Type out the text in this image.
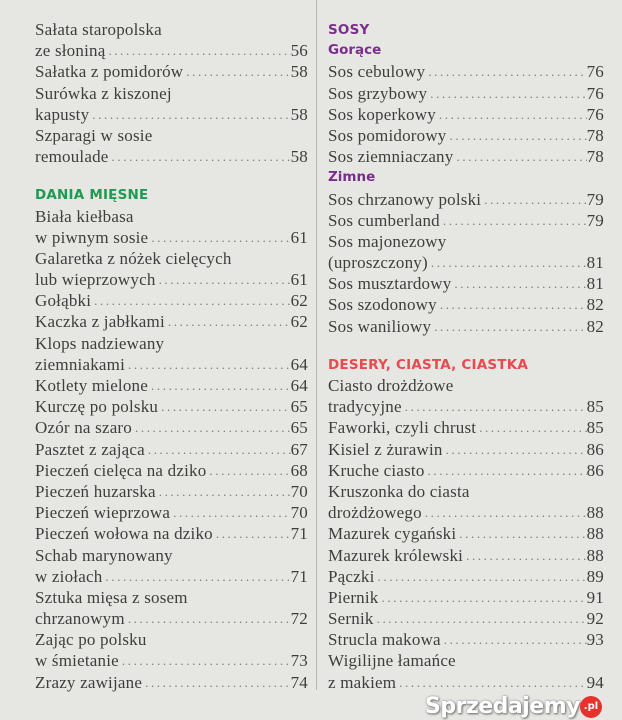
Sałata staropolska
ze słoniną .....	56
Sałatka z pomidorów .....	58
Surówka z kiszonej
kapusty .....	58
Szparagi w sosie
remoulade .....	58
DANIA MIĘSNE
Biała kiełbasa
w piwnym sosie .....	61
Galaretka z nóżek cielęcych
lub wieprzowych .....	61
Gołąbki .....	62
Kaczka z jabłkami .....	62
Klops nadziewany
ziemniakami .....	64
Kotlety mielone .....	64
Kurczę po polsku .....	65
Ozór na szaro .....	65
Pasztet z zająca .....	67
Pieczeń cielęca na dziko .....	68
Pieczeń huzarska .....	70
Pieczeń wieprzowa .....	70
Pieczeń wołowa na dziko .....	71
Schab marynowany
w ziołach .....	71
Sztuka mięsa z sosem
chrzanowym .....	72
Zając po polsku
w śmietanie .....	73
Zrazy zawijane .....	74
SOSY
Gorące
Sos cebulowy .....	76
Sos grzybowy .....	76
Sos koperkowy .....	76
Sos pomidorowy .....	78
Sos ziemniaczany .....	78
Zimne
Sos chrzanowy polski .....	79
Sos cumberland .....	79
Sos majonezowy
(uproszczony) .....	81
Sos musztardowy .....	81
Sos szodonowy .....	82
Sos waniliowy .....	82
DESERY, CIASTA, CIASTKA
Ciasto drożdżowe
tradycyjne .....	85
Faworki, czyli chrust .....	85
Kisiel z żurawin .....	86
Kruche ciasto .....	86
Kruszonka do ciasta
drożdżowego .....	88
Mazurek cygański .....	88
Mazurek królewski .....	88
Pączki .....	89
Piernik .....	91
Sernik .....	92
Strucla makowa .....	93
Wigilijne łamańce
z makiem .....	94
Sprzedajemy .pl
